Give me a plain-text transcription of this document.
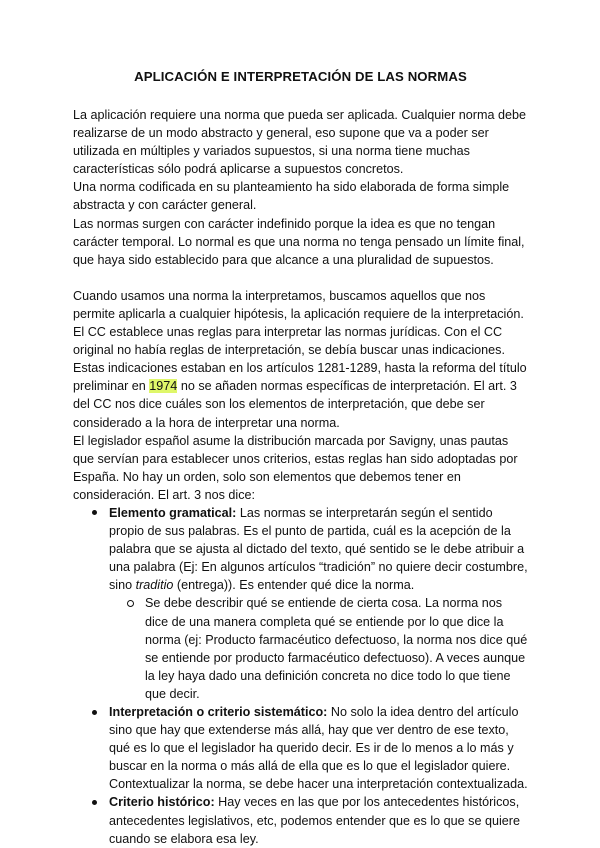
APLICACIÓN E INTERPRETACIÓN DE LAS NORMAS

La aplicación requiere una norma que pueda ser aplicada. Cualquier norma debe realizarse de un modo abstracto y general, eso supone que va a poder ser utilizada en múltiples y variados supuestos, si una norma tiene muchas características sólo podrá aplicarse a supuestos concretos.

Una norma codificada en su planteamiento ha sido elaborada de forma simple abstracta y con carácter general.

Las normas surgen con carácter indefinido porque la idea es que no tengan carácter temporal. Lo normal es que una norma no tenga pensado un límite final, que haya sido establecido para que alcance a una pluralidad de supuestos.

Cuando usamos una norma la interpretamos, buscamos aquellos que nos permite aplicarla a cualquier hipótesis, la aplicación requiere de la interpretación.

El CC establece unas reglas para interpretar las normas jurídicas. Con el CC original no había reglas de interpretación, se debía buscar unas indicaciones. Estas indicaciones estaban en los artículos 1281-1289, hasta la reforma del título preliminar en 1974 no se añaden normas específicas de interpretación. El art. 3 del CC nos dice cuáles son los elementos de interpretación, que debe ser considerado a la hora de interpretar una norma.

El legislador español asume la distribución marcada por Savigny, unas pautas que servían para establecer unos criterios, estas reglas han sido adoptadas por España. No hay un orden, solo son elementos que debemos tener en consideración. El art. 3 nos dice:

Elemento gramatical: Las normas se interpretarán según el sentido propio de sus palabras. Es el punto de partida, cuál es la acepción de la palabra que se ajusta al dictado del texto, qué sentido se le debe atribuir a una palabra (Ej: En algunos artículos “tradición” no quiere decir costumbre, sino traditio (entrega)). Es entender qué dice la norma.
Se debe describir qué se entiende de cierta cosa. La norma nos dice de una manera completa qué se entiende por lo que dice la norma (ej: Producto farmacéutico defectuoso, la norma nos dice qué se entiende por producto farmacéutico defectuoso). A veces aunque la ley haya dado una definición concreta no dice todo lo que tiene que decir.
Interpretación o criterio sistemático: No solo la idea dentro del artículo sino que hay que extenderse más allá, hay que ver dentro de ese texto, qué es lo que el legislador ha querido decir. Es ir de lo menos a lo más y buscar en la norma o más allá de ella que es lo que el legislador quiere. Contextualizar la norma, se debe hacer una interpretación contextualizada.
Criterio histórico: Hay veces en las que por los antecedentes históricos, antecedentes legislativos, etc, podemos entender que es lo que se quiere cuando se elabora esa ley.
